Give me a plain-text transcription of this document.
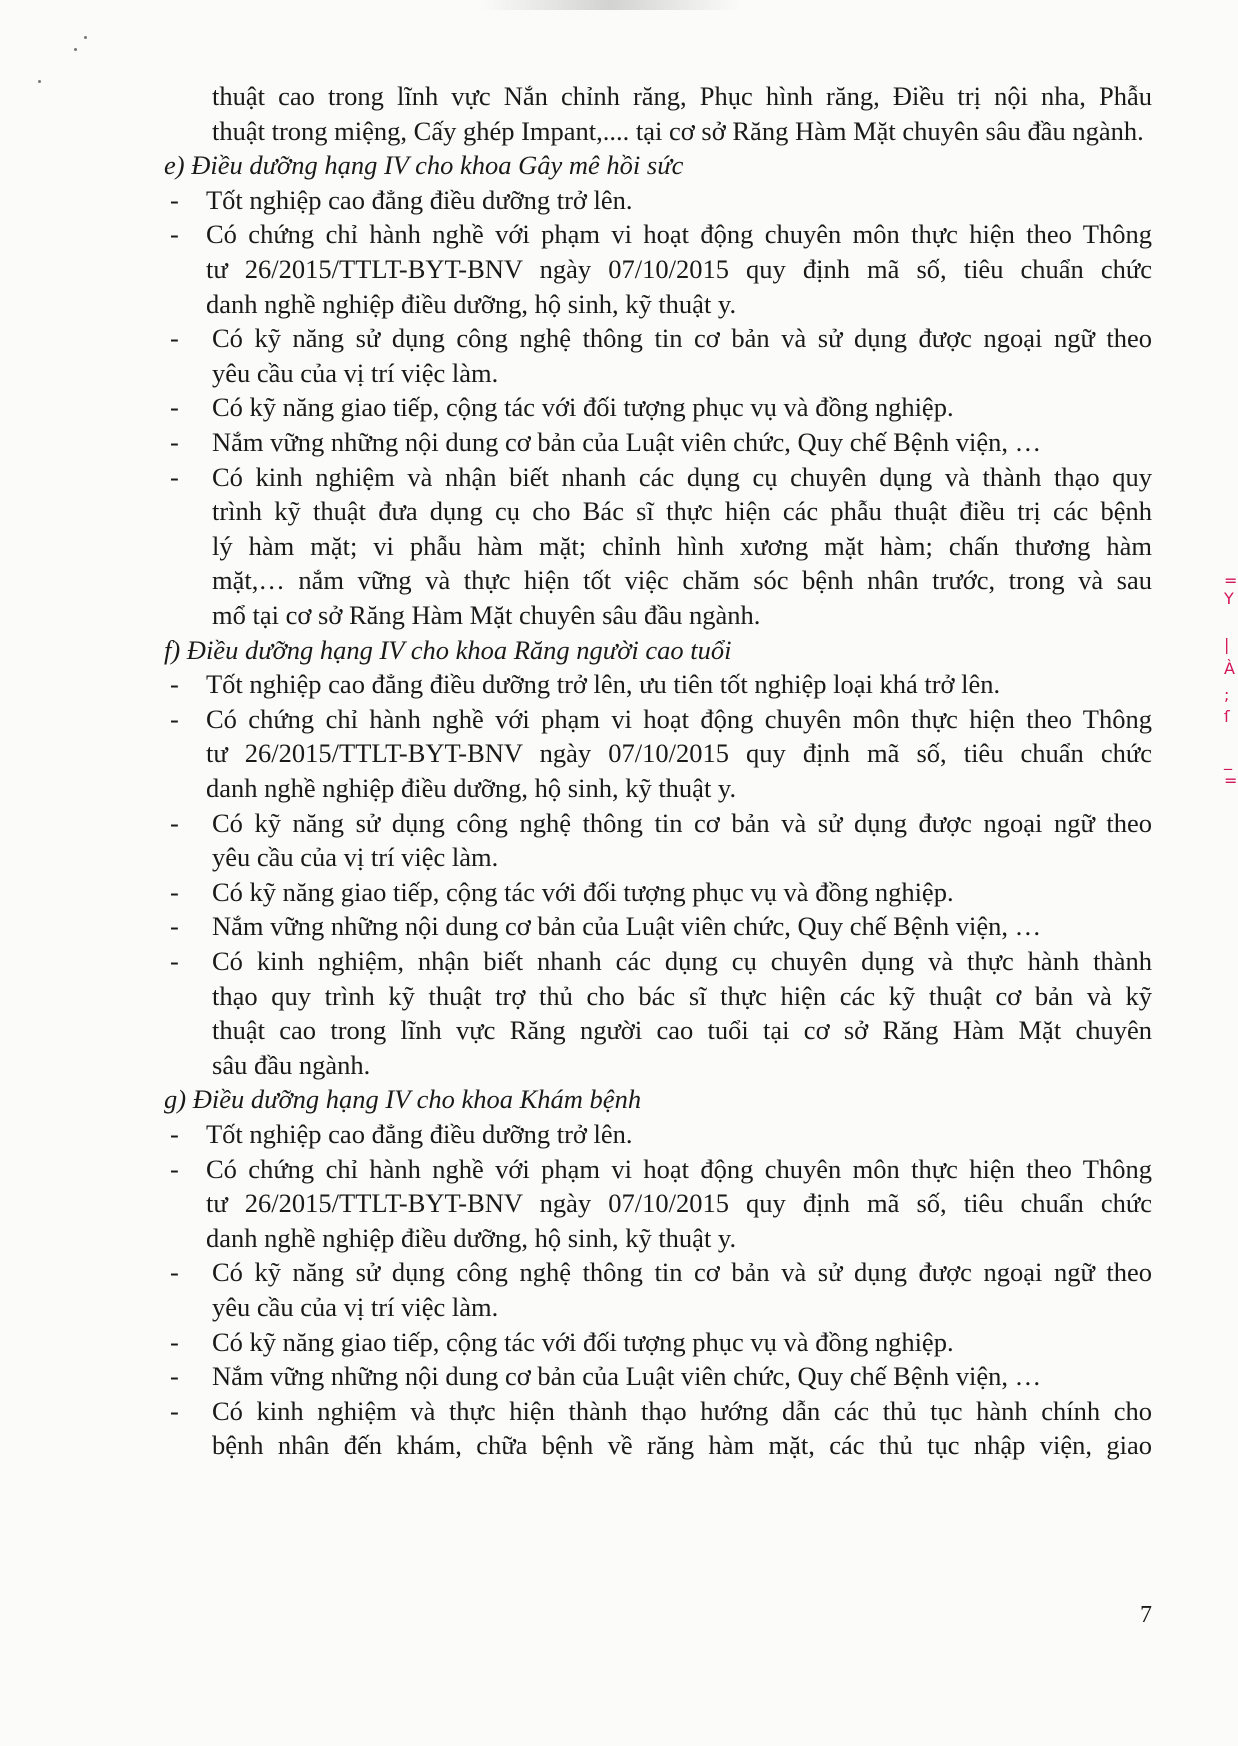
thuật cao trong lĩnh vực Nắn chỉnh răng, Phục hình răng, Điều trị nội nha, Phẫu
thuật trong miệng, Cấy ghép Impant,.... tại cơ sở Răng Hàm Mặt chuyên sâu đầu ngành.
e) Điều dưỡng hạng IV cho khoa Gây mê hồi sức
- Tốt nghiệp cao đẳng điều dưỡng trở lên.
- Có chứng chỉ hành nghề với phạm vi hoạt động chuyên môn thực hiện theo Thông
tư 26/2015/TTLT-BYT-BNV ngày 07/10/2015 quy định mã số, tiêu chuẩn chức
danh nghề nghiệp điều dưỡng, hộ sinh, kỹ thuật y.
- Có kỹ năng sử dụng công nghệ thông tin cơ bản và sử dụng được ngoại ngữ theo
yêu cầu của vị trí việc làm.
- Có kỹ năng giao tiếp, cộng tác với đối tượng phục vụ và đồng nghiệp.
- Nắm vững những nội dung cơ bản của Luật viên chức, Quy chế Bệnh viện, …
- Có kinh nghiệm và nhận biết nhanh các dụng cụ chuyên dụng và thành thạo quy
trình kỹ thuật đưa dụng cụ cho Bác sĩ thực hiện các phẫu thuật điều trị các bệnh
lý hàm mặt; vi phẫu hàm mặt; chỉnh hình xương mặt hàm; chấn thương hàm
mặt,… nắm vững và thực hiện tốt việc chăm sóc bệnh nhân trước, trong và sau
mổ tại cơ sở Răng Hàm Mặt chuyên sâu đầu ngành.
f) Điều dưỡng hạng IV cho khoa Răng người cao tuổi
- Tốt nghiệp cao đẳng điều dưỡng trở lên, ưu tiên tốt nghiệp loại khá trở lên.
- Có chứng chỉ hành nghề với phạm vi hoạt động chuyên môn thực hiện theo Thông
tư 26/2015/TTLT-BYT-BNV ngày 07/10/2015 quy định mã số, tiêu chuẩn chức
danh nghề nghiệp điều dưỡng, hộ sinh, kỹ thuật y.
- Có kỹ năng sử dụng công nghệ thông tin cơ bản và sử dụng được ngoại ngữ theo
yêu cầu của vị trí việc làm.
- Có kỹ năng giao tiếp, cộng tác với đối tượng phục vụ và đồng nghiệp.
- Nắm vững những nội dung cơ bản của Luật viên chức, Quy chế Bệnh viện, …
- Có kinh nghiệm, nhận biết nhanh các dụng cụ chuyên dụng và thực hành thành
thạo quy trình kỹ thuật trợ thủ cho bác sĩ thực hiện các kỹ thuật cơ bản và kỹ
thuật cao trong lĩnh vực Răng người cao tuổi tại cơ sở Răng Hàm Mặt chuyên
sâu đầu ngành.
g) Điều dưỡng hạng IV cho khoa Khám bệnh
- Tốt nghiệp cao đẳng điều dưỡng trở lên.
- Có chứng chỉ hành nghề với phạm vi hoạt động chuyên môn thực hiện theo Thông
tư 26/2015/TTLT-BYT-BNV ngày 07/10/2015 quy định mã số, tiêu chuẩn chức
danh nghề nghiệp điều dưỡng, hộ sinh, kỹ thuật y.
- Có kỹ năng sử dụng công nghệ thông tin cơ bản và sử dụng được ngoại ngữ theo
yêu cầu của vị trí việc làm.
- Có kỹ năng giao tiếp, cộng tác với đối tượng phục vụ và đồng nghiệp.
- Nắm vững những nội dung cơ bản của Luật viên chức, Quy chế Bệnh viện, …
- Có kinh nghiệm và thực hiện thành thạo hướng dẫn các thủ tục hành chính cho
bệnh nhân đến khám, chữa bệnh về răng hàm mặt, các thủ tục nhập viện, giao
=
Y
|
À
;
ſ
_
=
7
